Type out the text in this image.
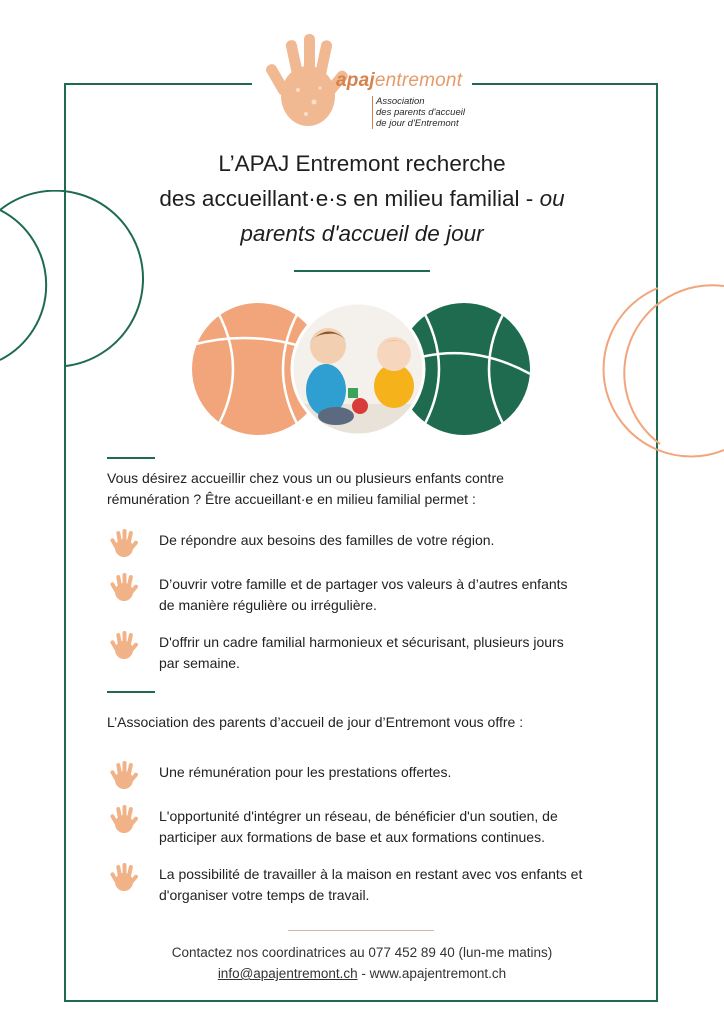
apajentremont
Association
des parents d'accueil
de jour d'Entremont
L’APAJ Entremont recherche
des accueillant·e·s en milieu familial - ou
parents d'accueil de jour
Vous désirez accueillir chez vous un ou plusieurs enfants contre
rémunération ? Être accueillant·e en milieu familial permet :
De répondre aux besoins des familles de votre région.
D’ouvrir votre famille et de partager vos valeurs à d’autres enfants
de manière régulière ou irrégulière.
D'offrir un cadre familial harmonieux et sécurisant, plusieurs jours
par semaine.
L’Association des parents d’accueil de jour d’Entremont vous offre :
Une rémunération pour les prestations offertes.
L'opportunité d'intégrer un réseau, de bénéficier d'un soutien, de
participer aux formations de base et aux formations continues.
La possibilité de travailler à la maison en restant avec vos enfants et
d'organiser votre temps de travail.
Contactez nos coordinatrices au 077 452 89 40 (lun-me matins)
info@apajentremont.ch - www.apajentremont.ch
